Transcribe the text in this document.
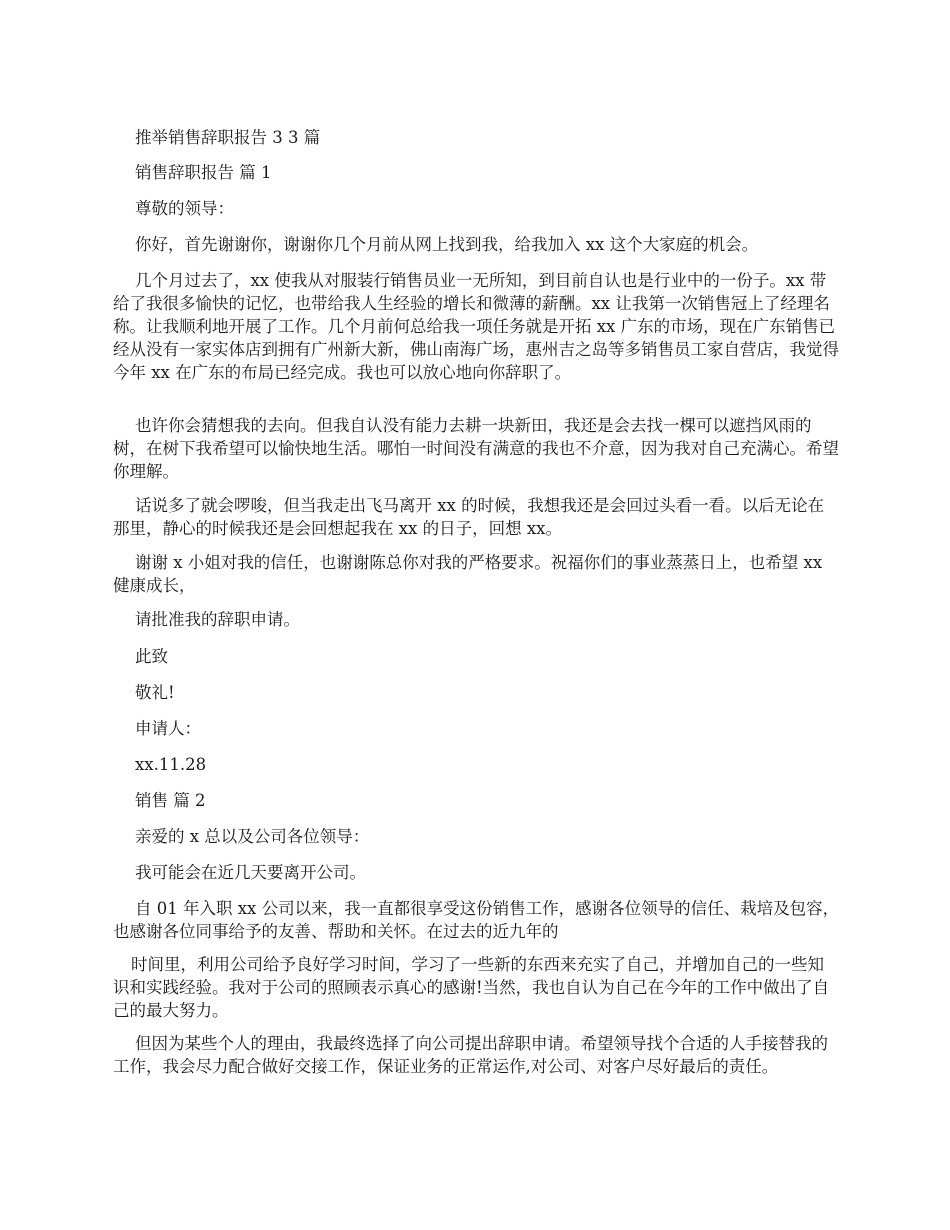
推举销售辞职报告 3 3 篇
销售辞职报告 篇 1
尊敬的领导：
你好，首先谢谢你，谢谢你几个月前从网上找到我，给我加入 xx 这个大家庭的机会。
几个月过去了，xx 使我从对服装行销售员业一无所知，到目前自认也是行业中的一份子。xx 带给了我很多愉快的记忆，也带给我人生经验的增长和微薄的薪酬。xx 让我第一次销售冠上了经理名称。让我顺利地开展了工作。几个月前何总给我一项任务就是开拓 xx 广东的市场，现在广东销售已经从没有一家实体店到拥有广州新大新，佛山南海广场，惠州吉之岛等多销售员工家自营店，我觉得今年 xx 在广东的布局已经完成。我也可以放心地向你辞职了。
也许你会猜想我的去向。但我自认没有能力去耕一块新田，我还是会去找一棵可以遮挡风雨的树，在树下我希望可以愉快地生活。哪怕一时间没有满意的我也不介意，因为我对自己充满心。希望你理解。
话说多了就会啰唆，但当我走出飞马离开 xx 的时候，我想我还是会回过头看一看。以后无论在那里，静心的时候我还是会回想起我在 xx 的日子，回想 xx。
谢谢 x 小姐对我的信任，也谢谢陈总你对我的严格要求。祝福你们的事业蒸蒸日上，也希望 xx 健康成长，
请批准我的辞职申请。
此致
敬礼!
申请人：
xx.11.28
销售 篇 2
亲爱的 x 总以及公司各位领导：
我可能会在近几天要离开公司。
自 01 年入职 xx 公司以来，我一直都很享受这份销售工作，感谢各位领导的信任、栽培及包容，也感谢各位同事给予的友善、帮助和关怀。在过去的近九年的
时间里，利用公司给予良好学习时间，学习了一些新的东西来充实了自己，并增加自己的一些知识和实践经验。我对于公司的照顾表示真心的感谢!当然，我也自认为自己在今年的工作中做出了自己的最大努力。
但因为某些个人的理由，我最终选择了向公司提出辞职申请。希望领导找个合适的人手接替我的工作，我会尽力配合做好交接工作，保证业务的正常运作,对公司、对客户尽好最后的责任。
